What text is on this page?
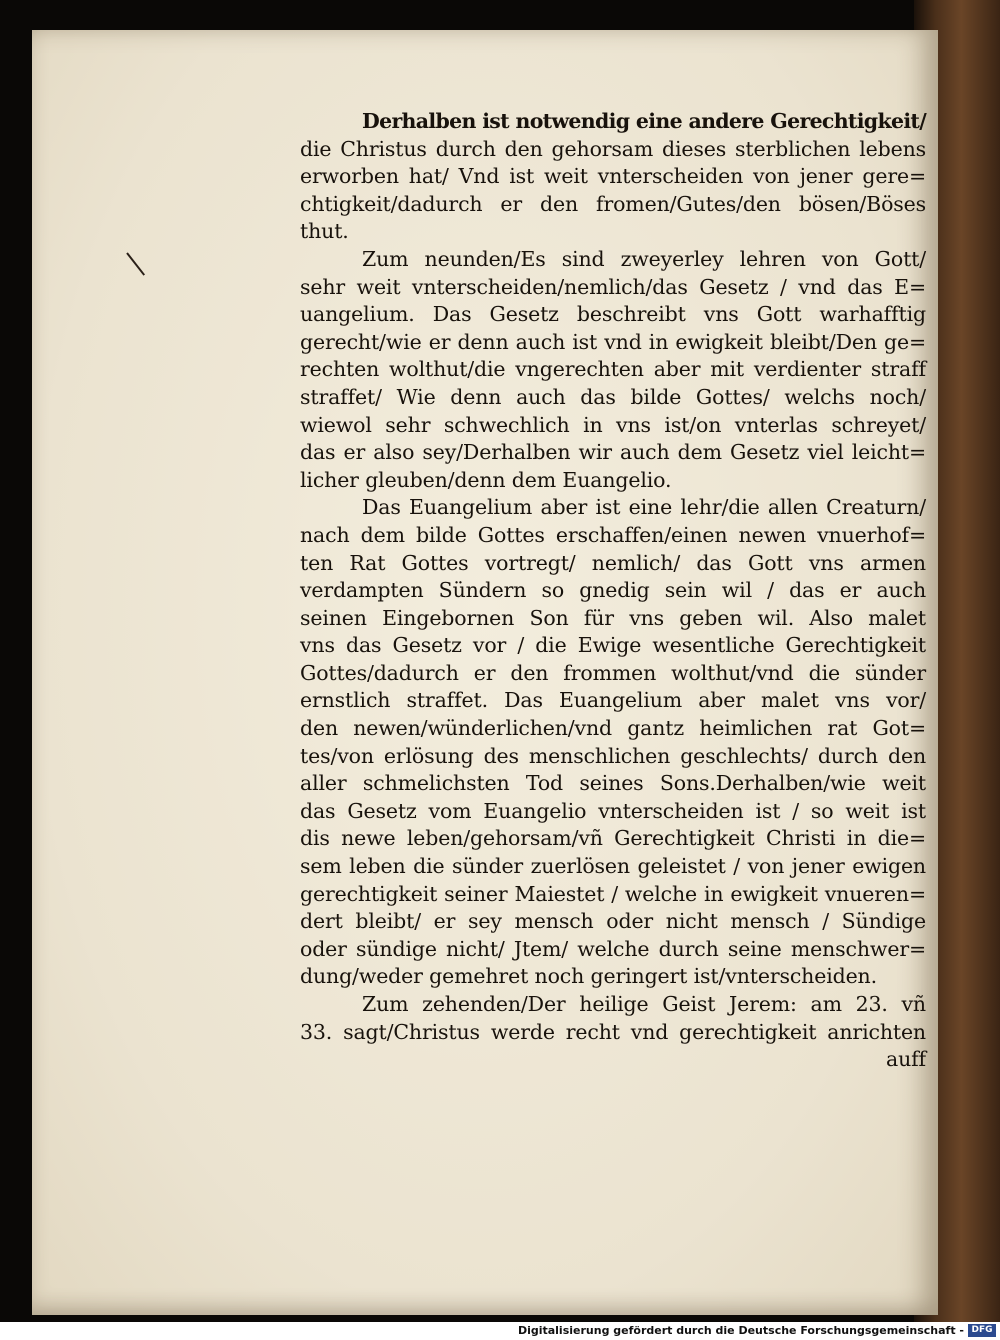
Derhalben ist notwendig eine andere Gerechtigkeit/
die Christus durch den gehorsam dieses sterblichen lebens
erworben hat/ Vnd ist weit vnterscheiden von jener gere=
chtigkeit/dadurch er den fromen/Gutes/den bösen/Böses
thut.
Zum neunden/Es sind zweyerley lehren von Gott/
sehr weit vnterscheiden/nemlich/das Gesetz / vnd das E=
uangelium. Das Gesetz beschreibt vns Gott warhafftig
gerecht/wie er denn auch ist vnd in ewigkeit bleibt/Den ge=
rechten wolthut/die vngerechten aber mit verdienter straff
straffet/ Wie denn auch das bilde Gottes/ welchs noch/
wiewol sehr schwechlich in vns ist/on vnterlas schreyet/
das er also sey/Derhalben wir auch dem Gesetz viel leicht=
licher gleuben/denn dem Euangelio.
Das Euangelium aber ist eine lehr/die allen Creaturn/
nach dem bilde Gottes erschaffen/einen newen vnuerhof=
ten Rat Gottes vortregt/ nemlich/ das Gott vns armen
verdampten Sündern so gnedig sein wil / das er auch
seinen Eingebornen Son für vns geben wil. Also malet
vns das Gesetz vor / die Ewige wesentliche Gerechtigkeit
Gottes/dadurch er den frommen wolthut/vnd die sünder
ernstlich straffet. Das Euangelium aber malet vns vor/
den newen/wünderlichen/vnd gantz heimlichen rat Got=
tes/von erlösung des menschlichen geschlechts/ durch den
aller schmelichsten Tod seines Sons.Derhalben/wie weit
das Gesetz vom Euangelio vnterscheiden ist / so weit ist
dis newe leben/gehorsam/vñ Gerechtigkeit Christi in die=
sem leben die sünder zuerlösen geleistet / von jener ewigen
gerechtigkeit seiner Maiestet / welche in ewigkeit vnueren=
dert bleibt/ er sey mensch oder nicht mensch / Sündige
oder sündige nicht/ Jtem/ welche durch seine menschwer=
dung/weder gemehret noch geringert ist/vnterscheiden.
Zum zehenden/Der heilige Geist Jerem: am 23. vñ
33. sagt/Christus werde recht vnd gerechtigkeit anrichten
auff
Digitalisierung gefördert durch die Deutsche Forschungsgemeinschaft - DFG
